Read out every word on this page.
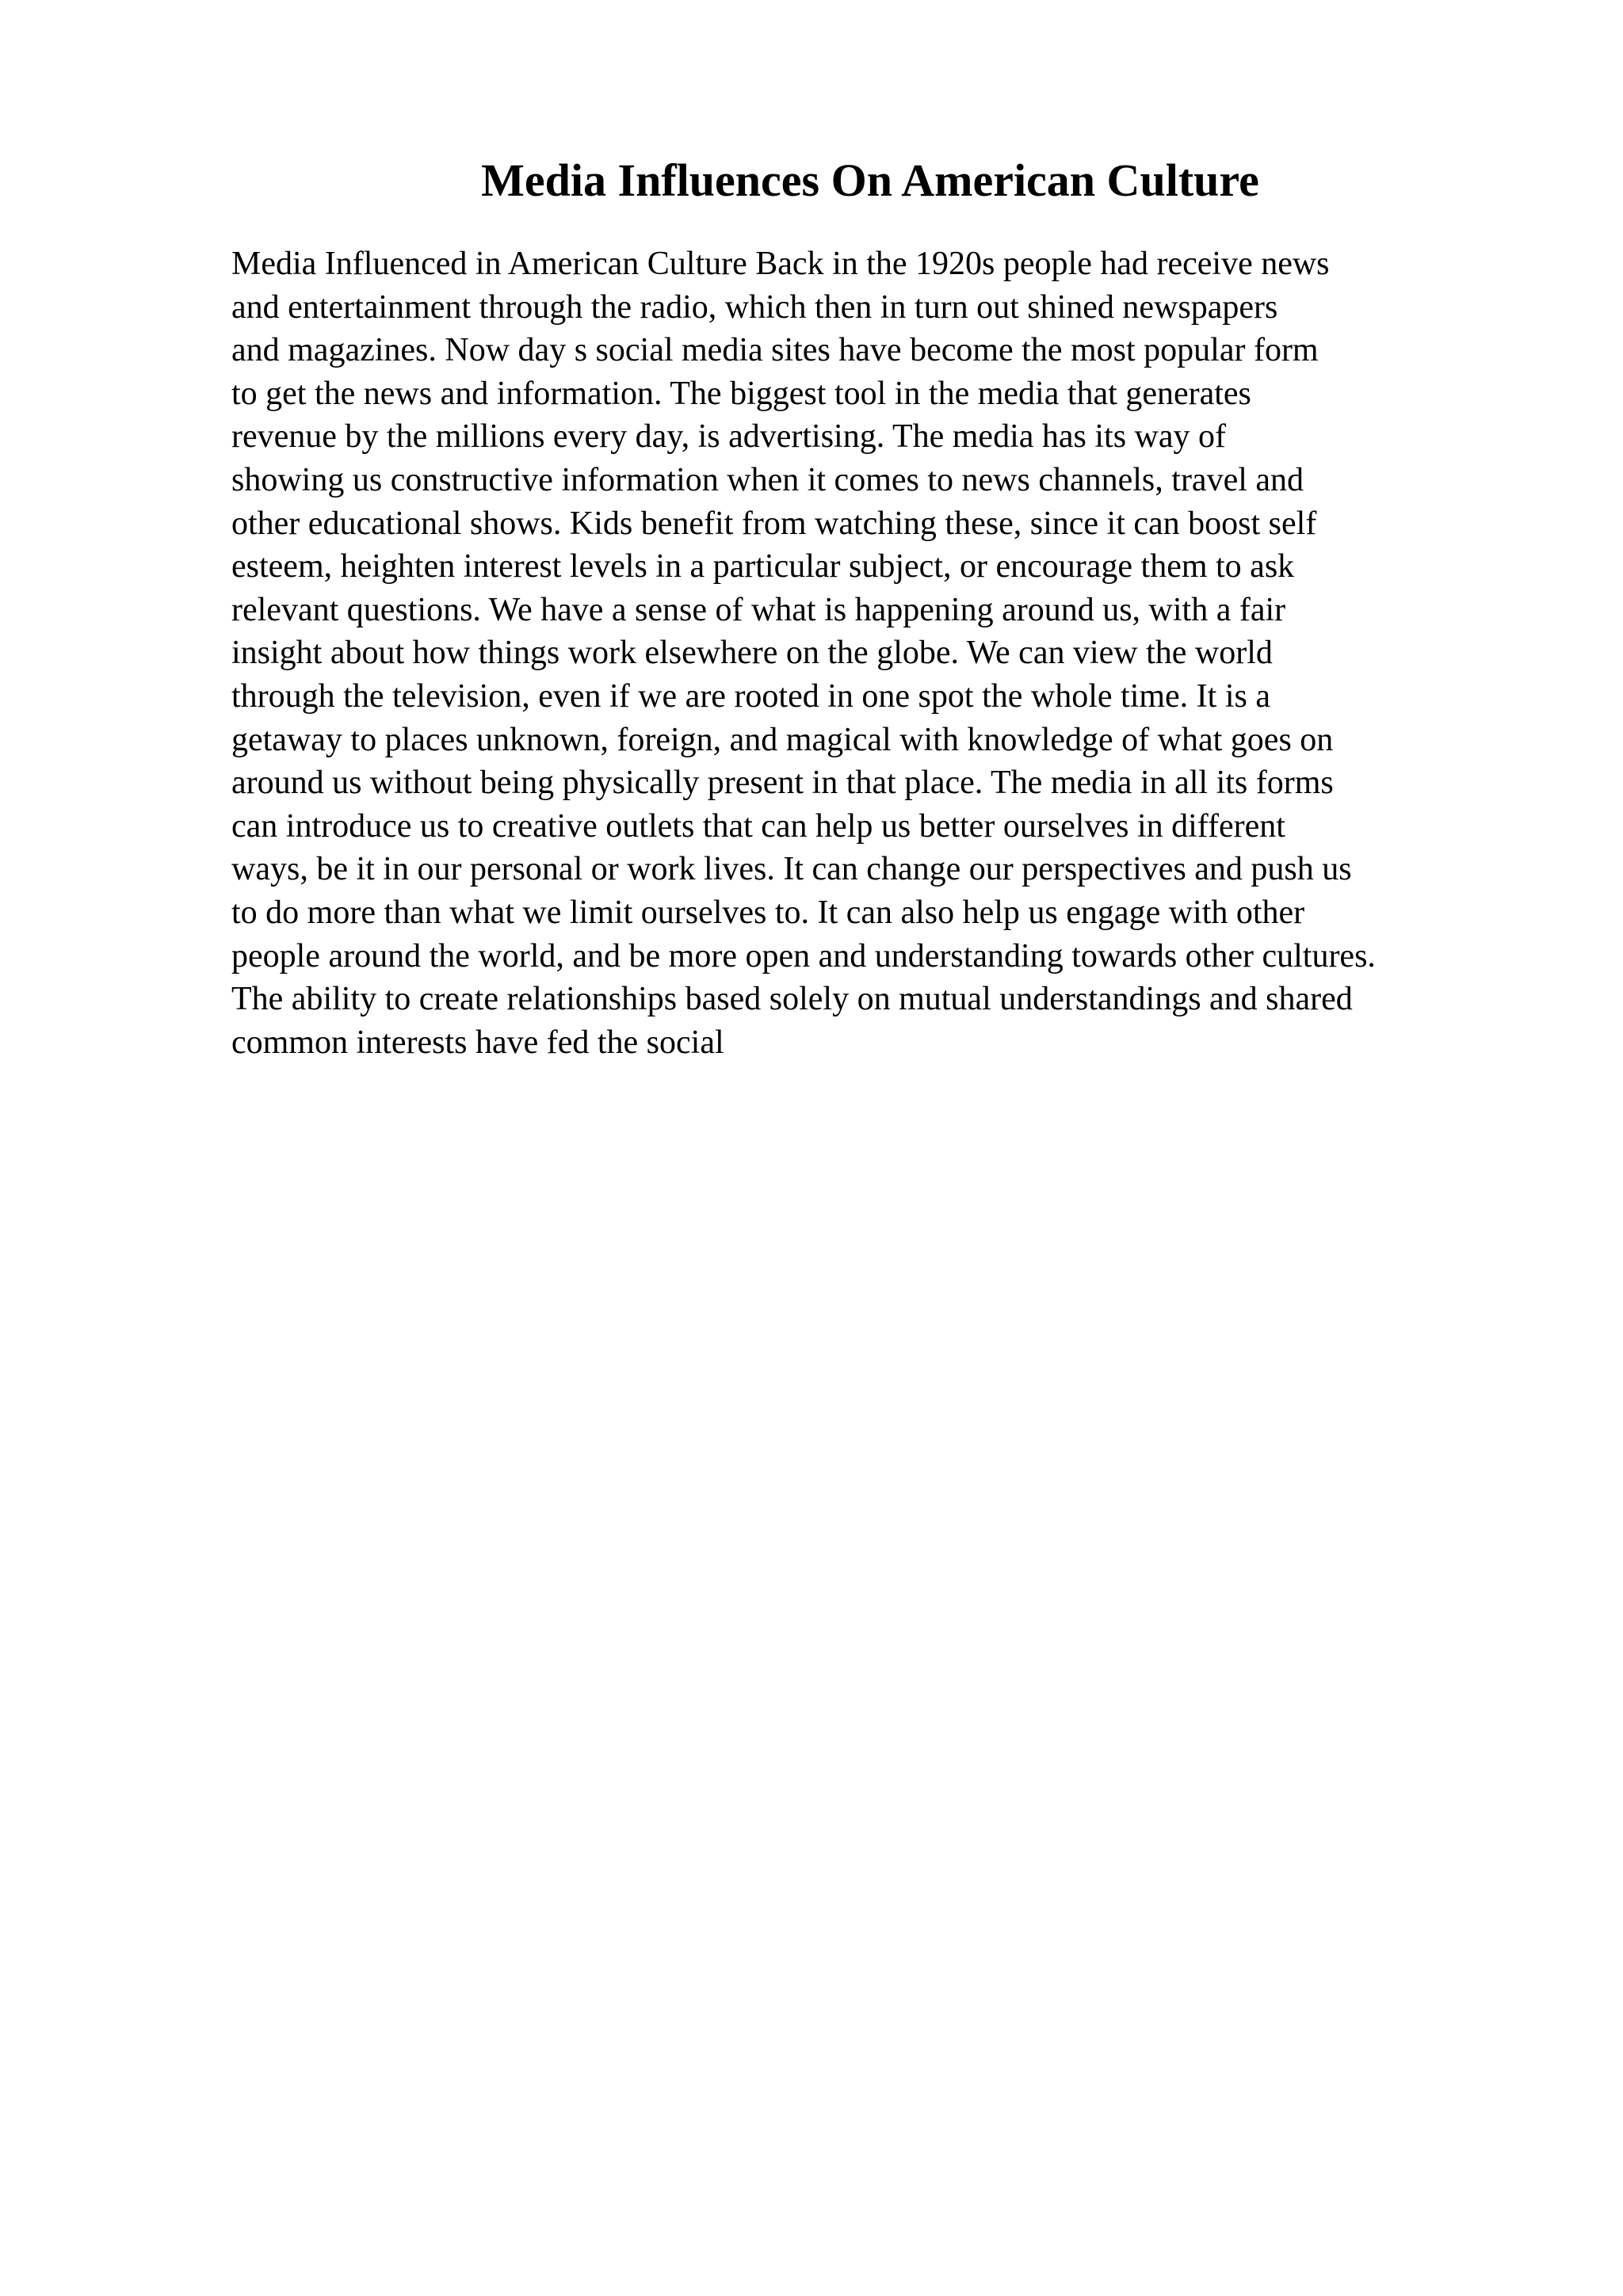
Media Influences On American Culture
Media Influenced in American Culture Back in the 1920s people had receive news
and entertainment through the radio, which then in turn out shined newspapers
and magazines. Now day s social media sites have become the most popular form
to get the news and information. The biggest tool in the media that generates
revenue by the millions every day, is advertising. The media has its way of
showing us constructive information when it comes to news channels, travel and
other educational shows. Kids benefit from watching these, since it can boost self
esteem, heighten interest levels in a particular subject, or encourage them to ask
relevant questions. We have a sense of what is happening around us, with a fair
insight about how things work elsewhere on the globe. We can view the world
through the television, even if we are rooted in one spot the whole time. It is a
getaway to places unknown, foreign, and magical with knowledge of what goes on
around us without being physically present in that place. The media in all its forms
can introduce us to creative outlets that can help us better ourselves in different
ways, be it in our personal or work lives. It can change our perspectives and push us
to do more than what we limit ourselves to. It can also help us engage with other
people around the world, and be more open and understanding towards other cultures.
The ability to create relationships based solely on mutual understandings and shared
common interests have fed the social
